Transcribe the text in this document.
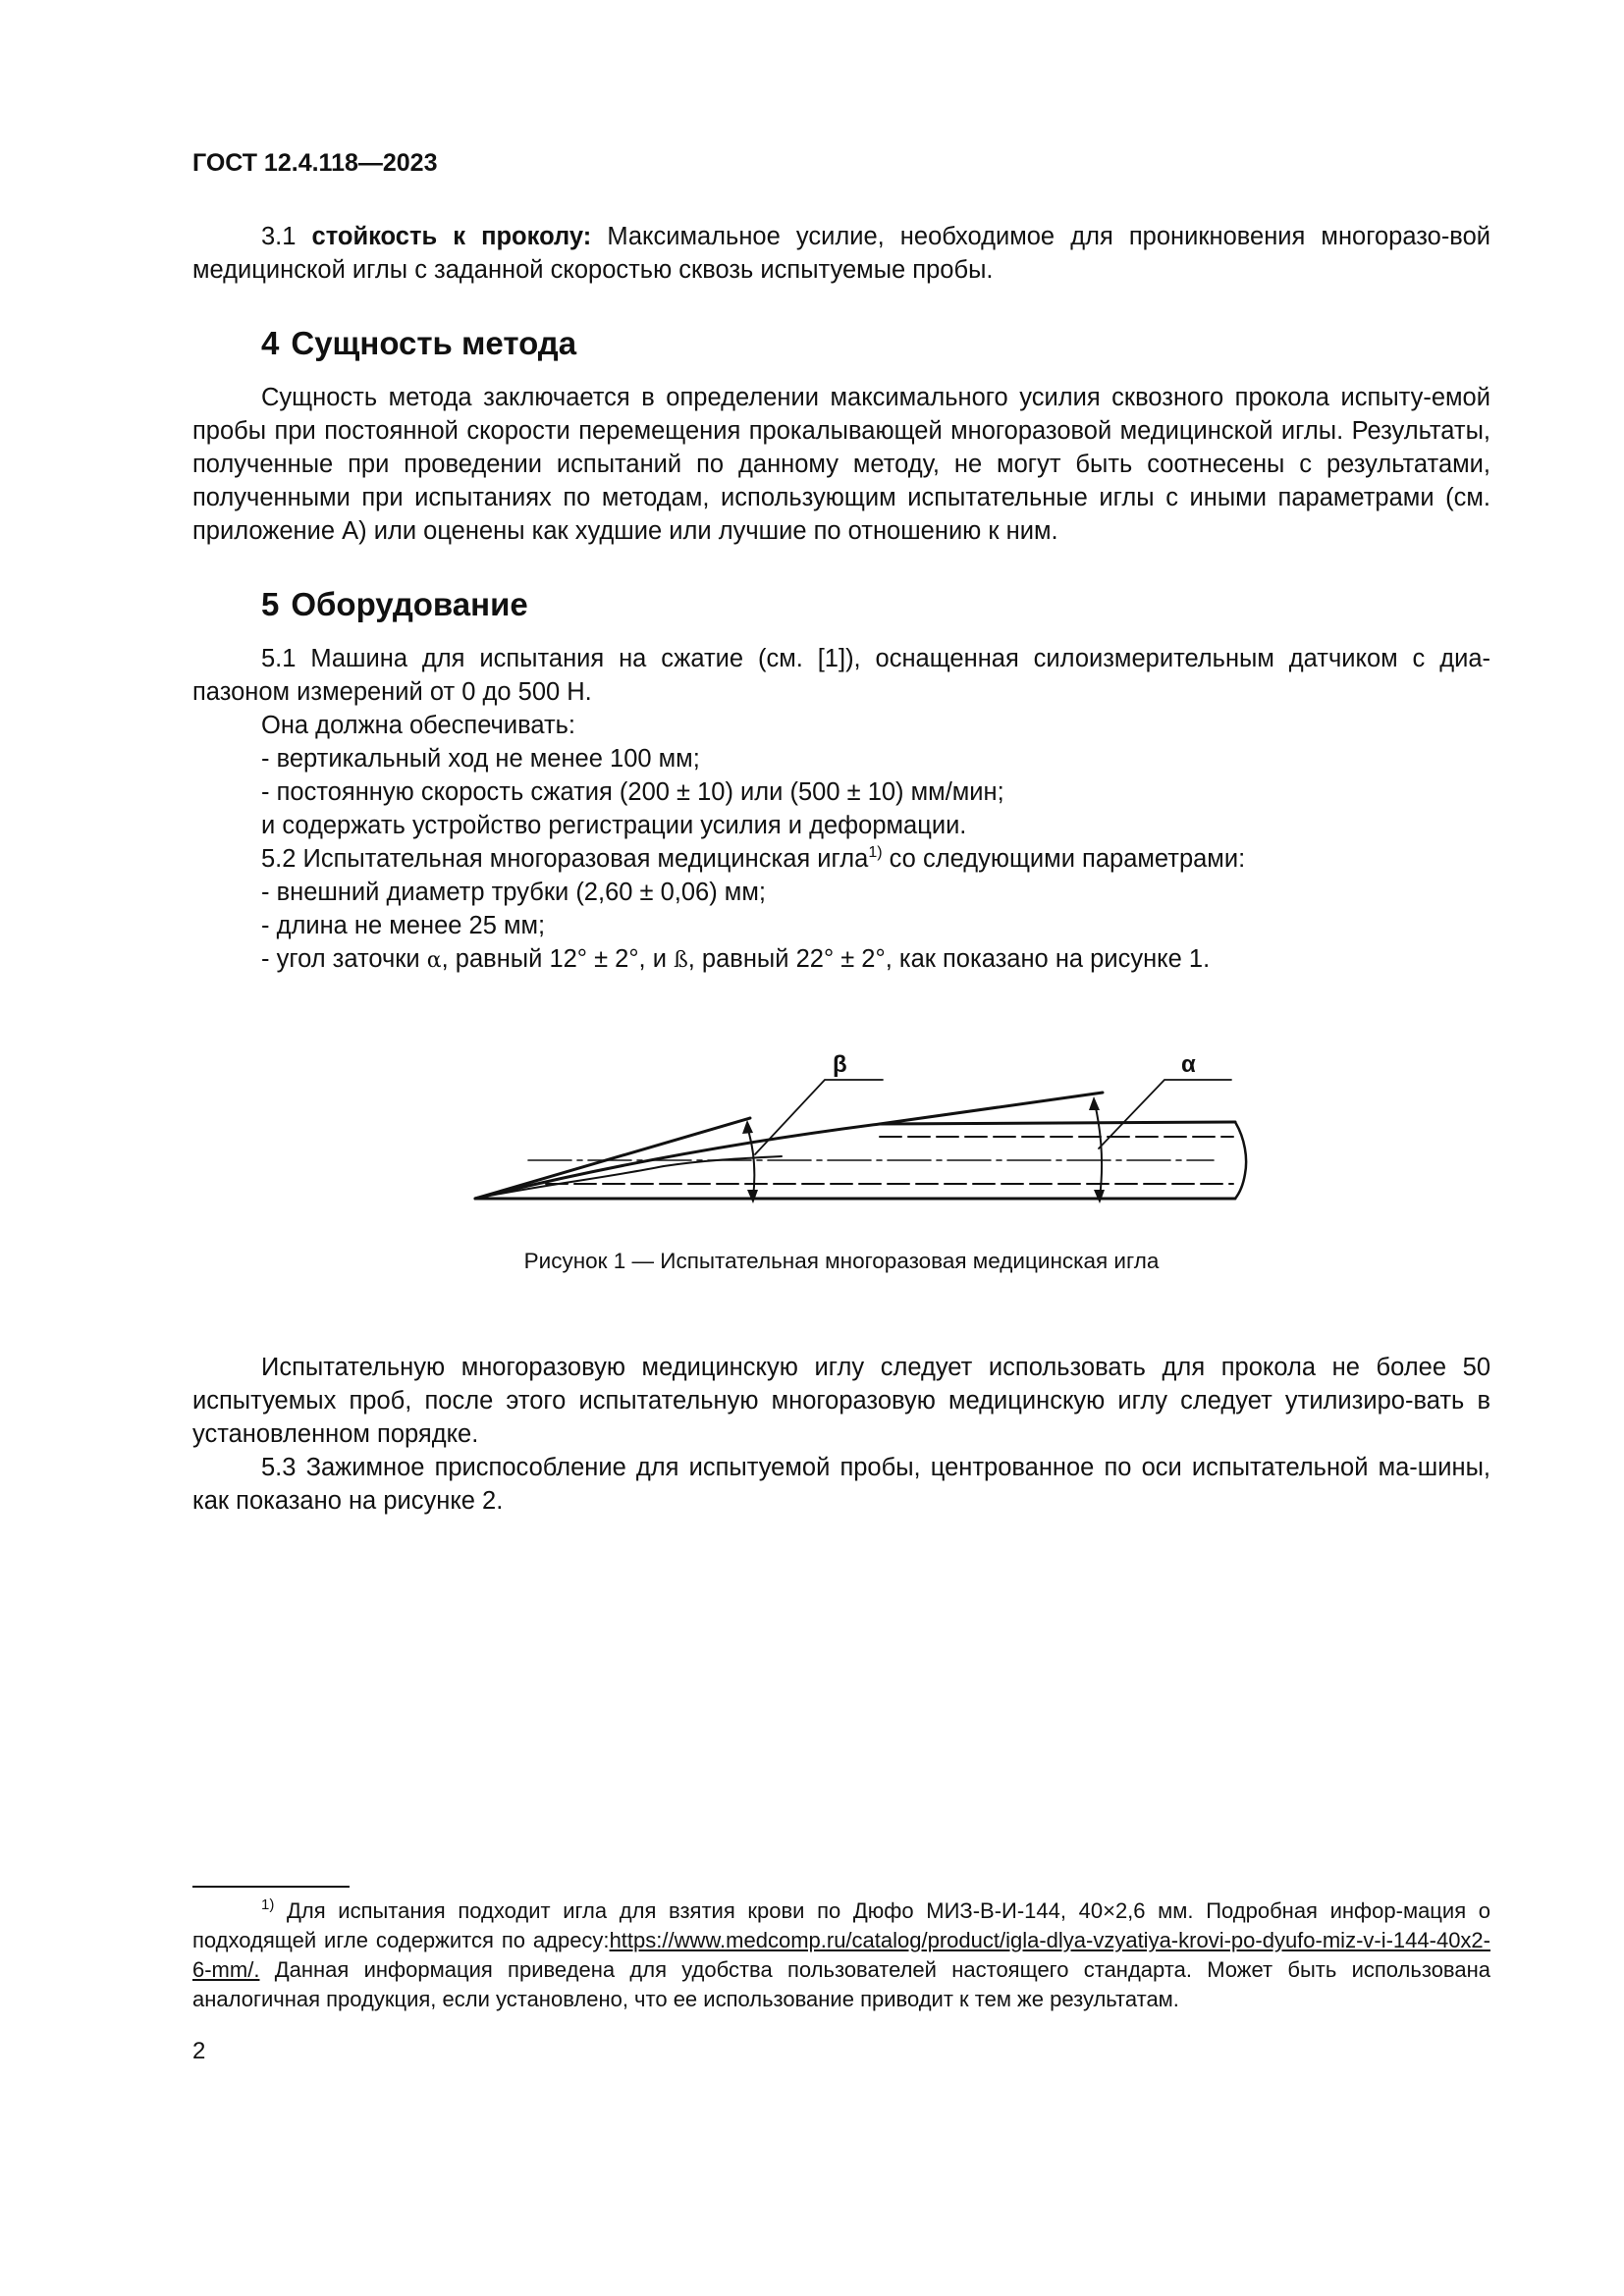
ГОСТ 12.4.118—2023

3.1 стойкость к проколу: Максимальное усилие, необходимое для проникновения многоразо-вой медицинской иглы с заданной скоростью сквозь испытуемые пробы.

4 Сущность метода

Сущность метода заключается в определении максимального усилия сквозного прокола испыту-емой пробы при постоянной скорости перемещения прокалывающей многоразовой медицинской иглы. Результаты, полученные при проведении испытаний по данному методу, не могут быть соотнесены с результатами, полученными при испытаниях по методам, использующим испытательные иглы с иными параметрами (см. приложение А) или оценены как худшие или лучшие по отношению к ним.

5 Оборудование

5.1 Машина для испытания на сжатие (см. [1]), оснащенная силоизмерительным датчиком с диа-пазоном измерений от 0 до 500 Н.

Она должна обеспечивать:

- вертикальный ход не менее 100 мм;

- постоянную скорость сжатия (200 ± 10) или (500 ± 10) мм/мин;

и содержать устройство регистрации усилия и деформации.

5.2 Испытательная многоразовая медицинская игла$^{1)}$ со следующими параметрами:

- внешний диаметр трубки (2,60 ± 0,06) мм;

- длина не менее 25 мм;

- угол заточки α, равный 12° ± 2°, и ß, равный 22° ± 2°, как показано на рисунке 1.

β	α
Рисунок 1 — Испытательная многоразовая медицинская игла

Испытательную многоразовую медицинскую иглу следует использовать для прокола не более 50 испытуемых проб, после этого испытательную многоразовую медицинскую иглу следует утилизиро-вать в установленном порядке.

5.3 Зажимное приспособление для испытуемой пробы, центрованное по оси испытательной ма-шины, как показано на рисунке 2.

$^{1)}$ Для испытания подходит игла для взятия крови по Дюфо МИЗ-В-И-144, 40×2,6 мм. Подробная инфор-мация о подходящей игле содержится по адресу:https://www.medcomp.ru/catalog/product/igla-dlya-vzyatiya-krovi-po-dyufo-miz-v-i-144-40x2-6-mm/. Данная информация приведена для удобства пользователей настоящего стандарта. Может быть использована аналогичная продукция, если установлено, что ее использование приводит к тем же результатам.

2
